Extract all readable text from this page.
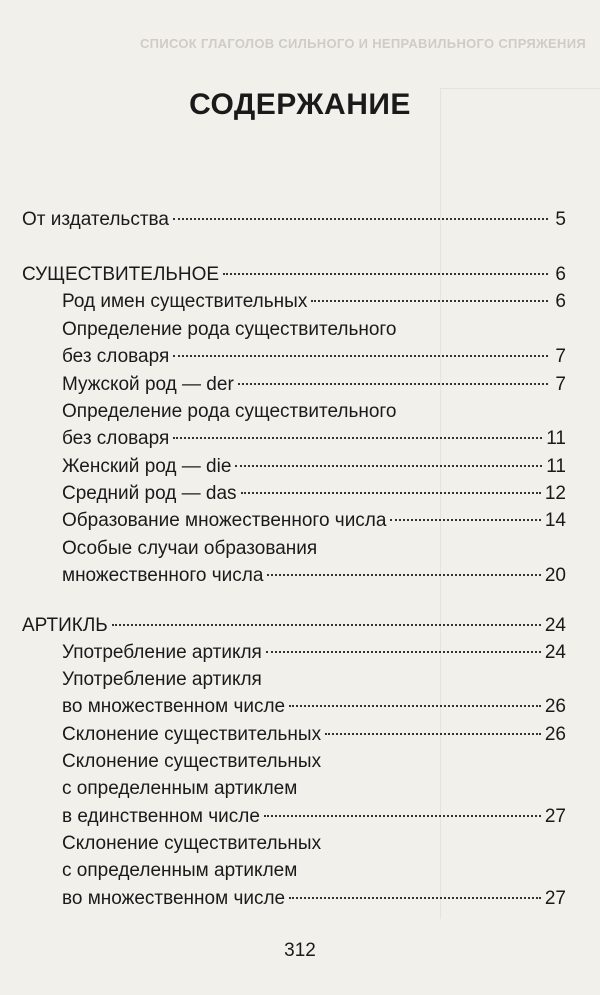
СПИСОК ГЛАГОЛОВ СИЛЬНОГО И НЕПРАВИЛЬНОГО СПРЯЖЕНИЯ
СОДЕРЖАНИЕ
От издательства	5
СУЩЕСТВИТЕЛЬНОЕ	6
Род имен существительных	6
Определение рода существительного
без словаря	7
Мужской род — der	7
Определение рода существительного
без словаря	11
Женский род — die	11
Средний род — das	12
Образование множественного числа	14
Особые случаи образования
множественного числа	20
АРТИКЛЬ	24
Употребление артикля	24
Употребление артикля
во множественном числе	26
Склонение существительных	26
Склонение существительных
с определенным артиклем
в единственном числе	27
Склонение существительных
с определенным артиклем
во множественном числе	27
312
